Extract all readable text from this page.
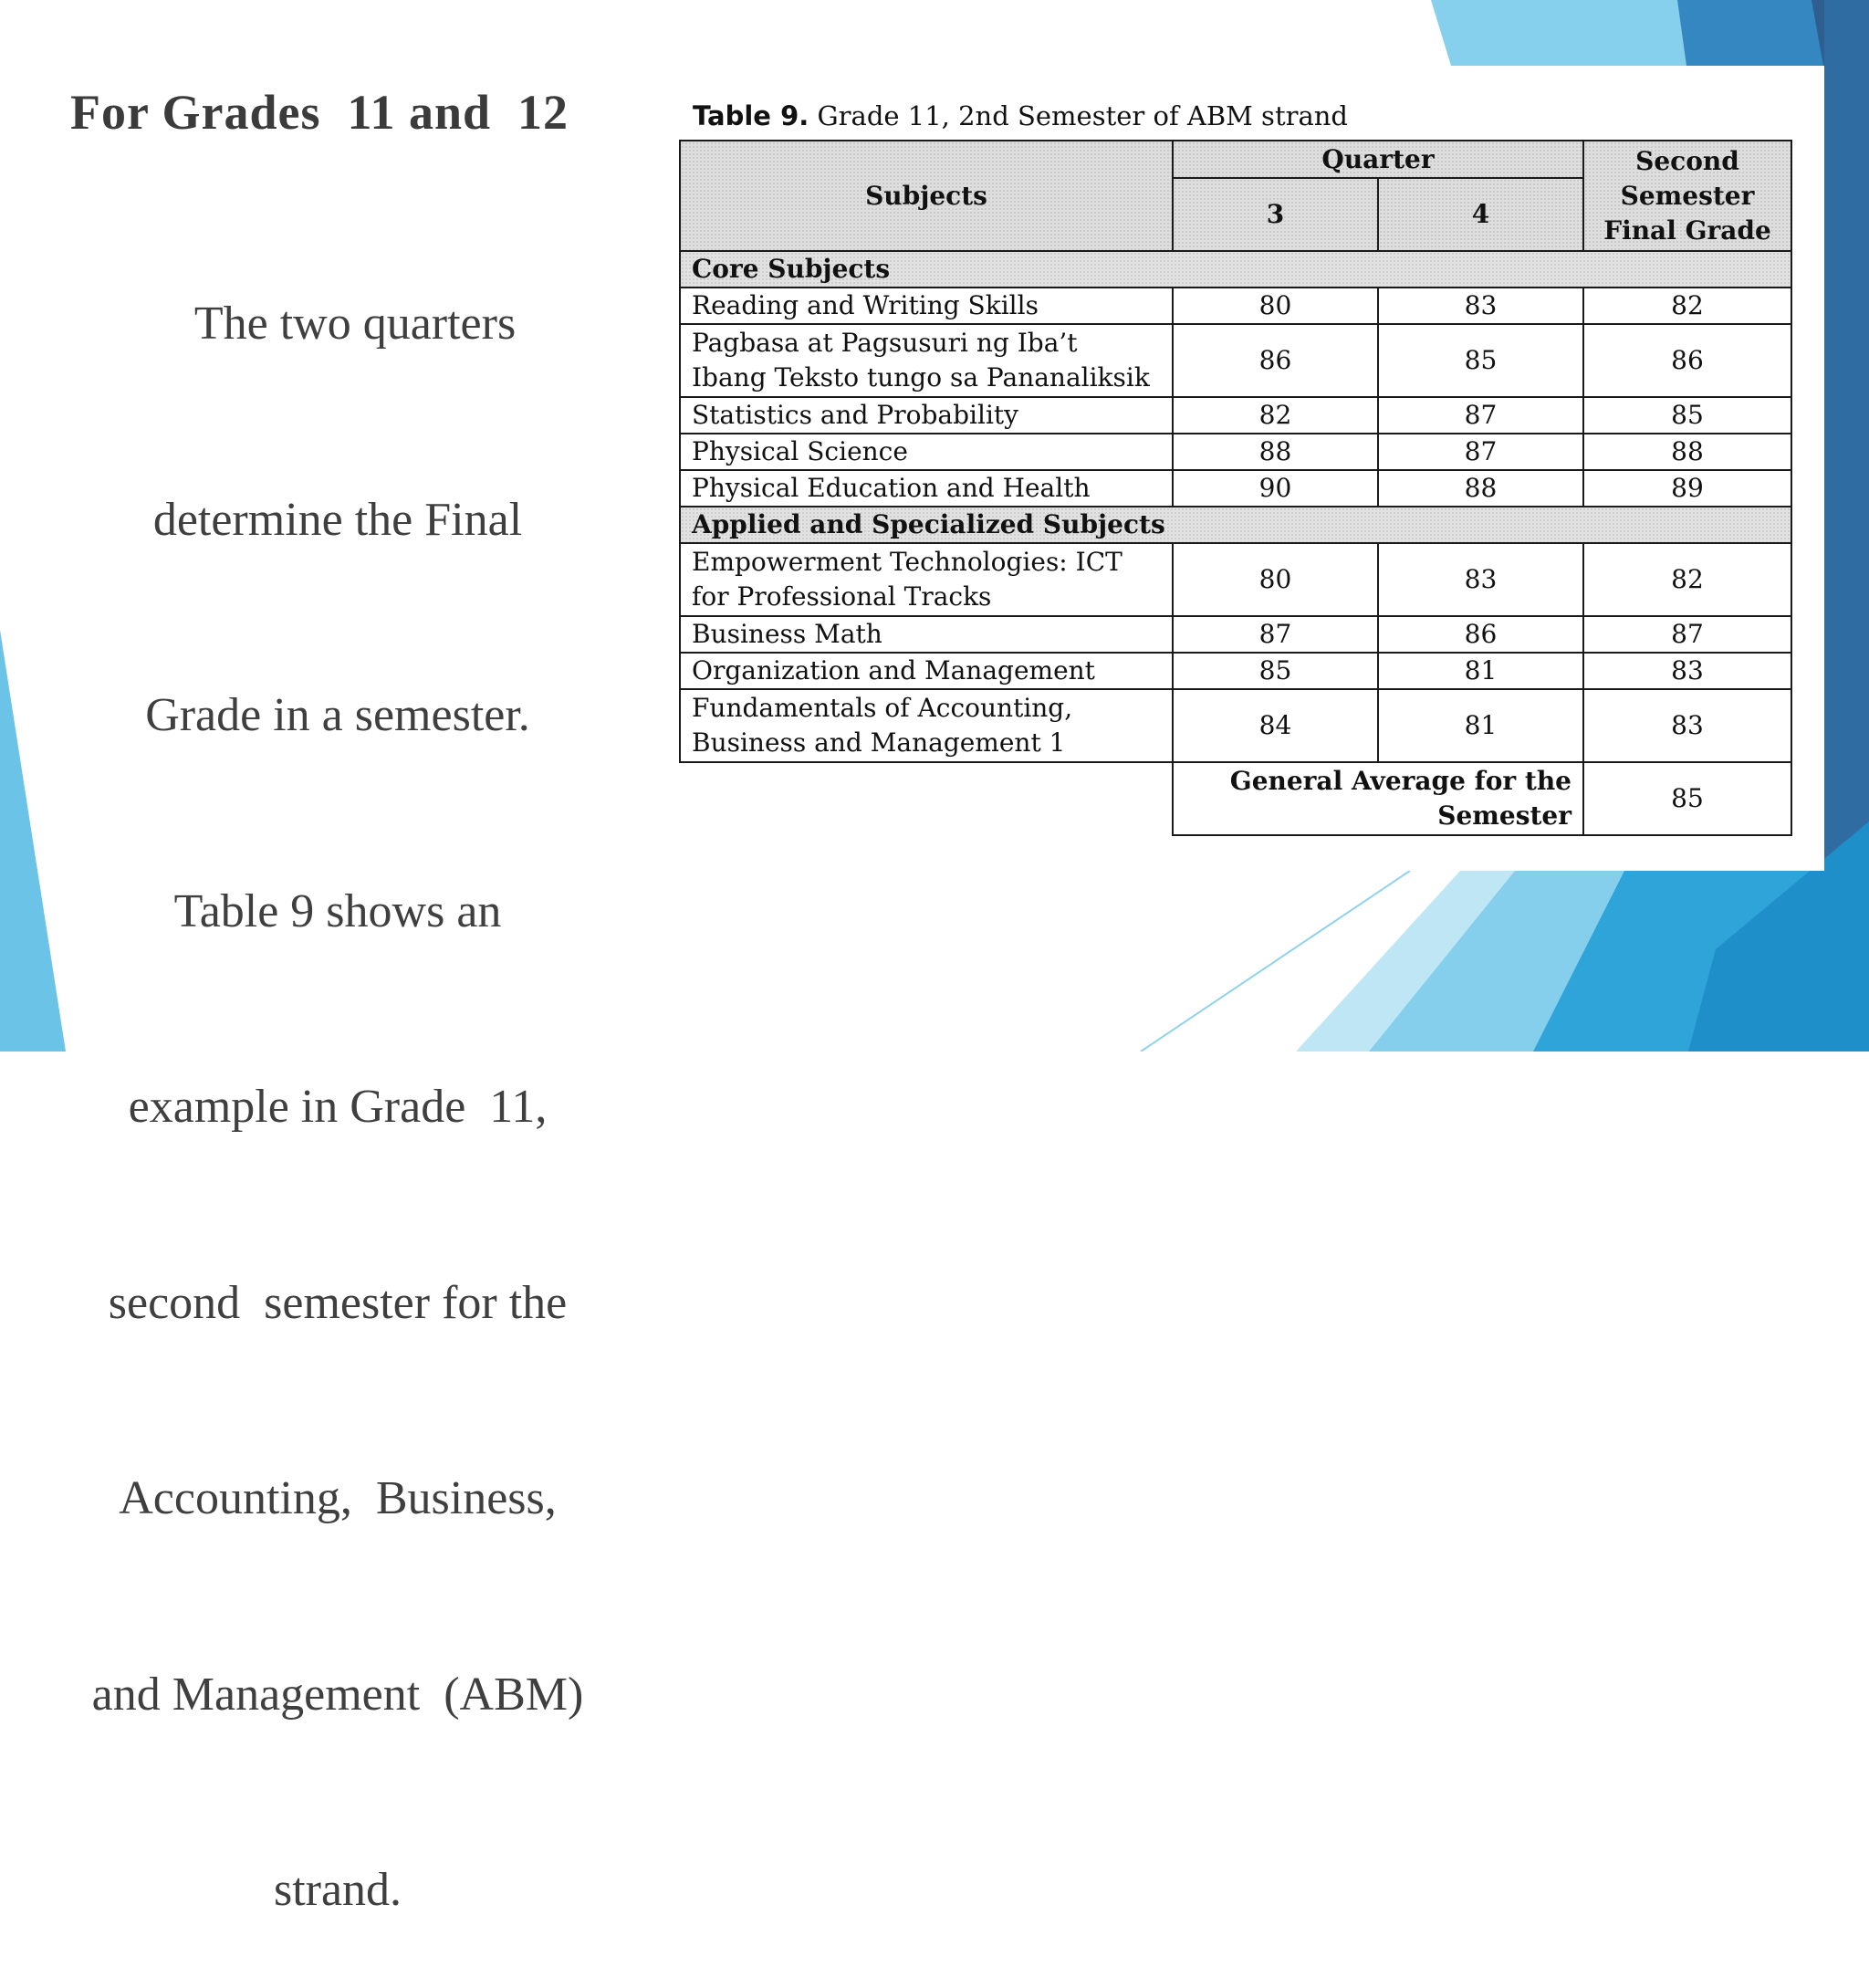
For Grades  11 and  12

The two quarters

determine the Final

Grade in a semester.

Table 9 shows an

example in Grade  11,

second  semester for the

Accounting,  Business,

and Management  (ABM)

strand.

Table 9. Grade 11, 2nd Semester of ABM strand

Subjects	Quarter		Second Semester Final Grade
	3	4	
Core Subjects			
Reading and Writing Skills	80	83	82
Pagbasa at Pagsusuri ng Iba’t
Ibang Teksto tungo sa Pananaliksik	86	85	86
Statistics and Probability	82	87	85
Physical Science	88	87	88
Physical Education and Health	90	88	89
Applied and Specialized Subjects			
Empowerment Technologies: ICT
for Professional Tracks	80	83	82
Business Math	87	86	87
Organization and Management	85	81	83
Fundamentals of Accounting,
Business and Management 1	84	81	83
	General Average for the
Semester		85
